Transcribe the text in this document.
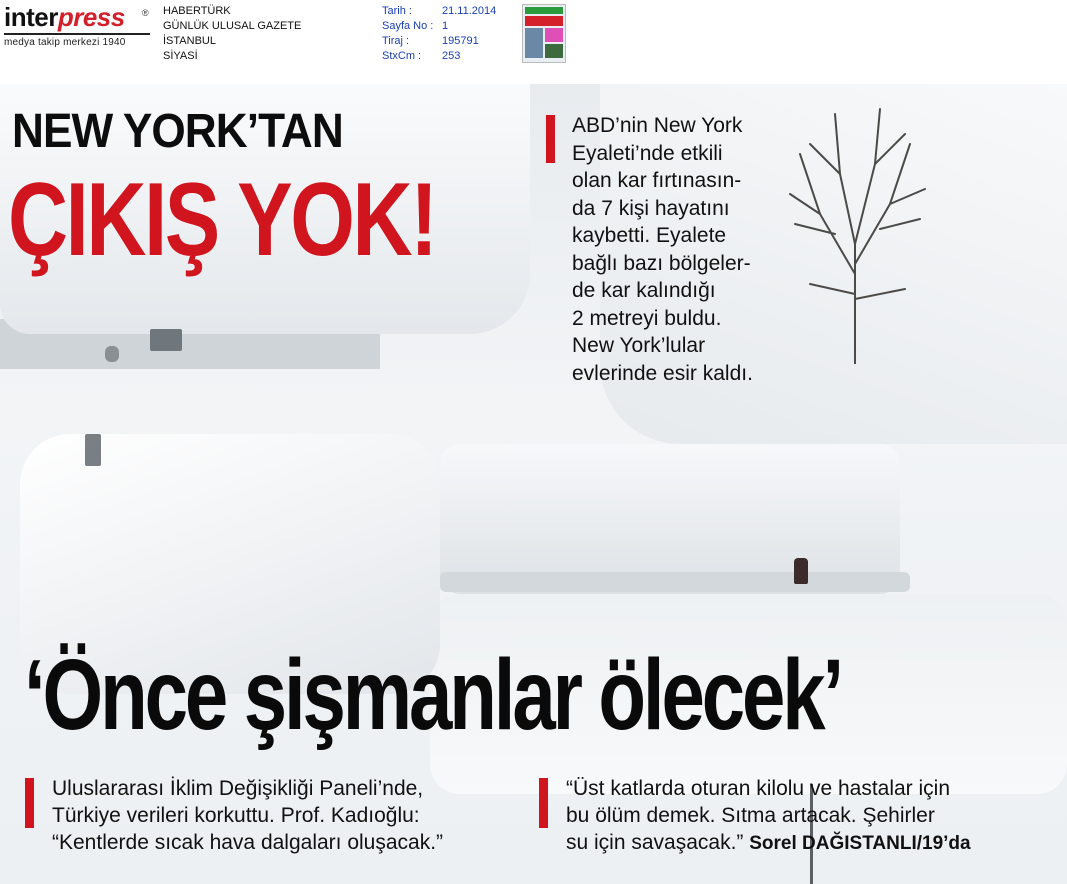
interpress ®
medya takip merkezi 1940
HABERTÜRK
GÜNLÜK ULUSAL GAZETE
İSTANBUL
SİYASİ
Tarih :	21.11.2014
Sayfa No : 1
Tiraj :	195791
StxCm :	253
NEW YORK’TAN
ÇIKIŞ YOK!
ABD’nin New York
Eyaleti’nde etkili
olan kar fırtınasın-
da 7 kişi hayatını
kaybetti. Eyalete
bağlı bazı bölgeler-
de kar kalındığı
2 metreyi buldu.
New York’lular
evlerinde esir kaldı.
‘Önce şişmanlar ölecek’
Uluslararası İklim Değişikliği Paneli’nde,
Türkiye verileri korkuttu. Prof. Kadıoğlu:
“Kentlerde sıcak hava dalgaları oluşacak.”
“Üst katlarda oturan kilolu ve hastalar için
bu ölüm demek. Sıtma artacak. Şehirler
su için savaşacak.” Sorel DAĞISTANLI/19’da
